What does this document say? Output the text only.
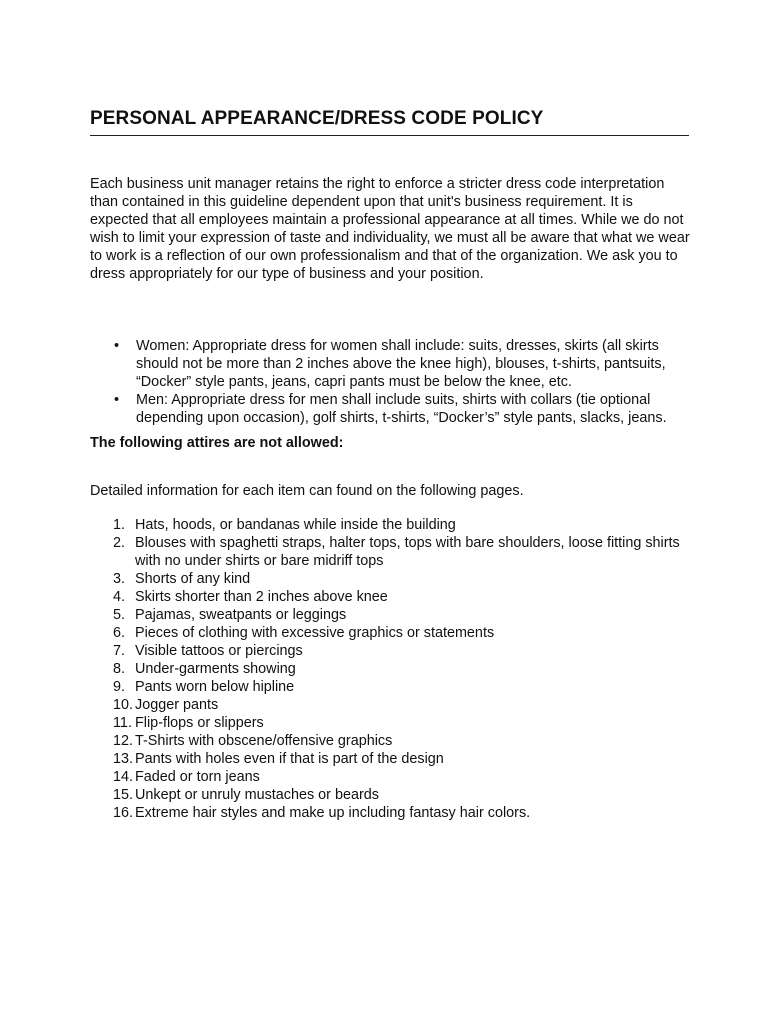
PERSONAL APPEARANCE/DRESS CODE POLICY

Each business unit manager retains the right to enforce a stricter dress code interpretation than contained in this guideline dependent upon that unit's business requirement. It is expected that all employees maintain a professional appearance at all times. While we do not wish to limit your expression of taste and individuality, we must all be aware that what we wear to work is a reflection of our own professionalism and that of the organization. We ask you to dress appropriately for our type of business and your position.

•	Women: Appropriate dress for women shall include: suits, dresses, skirts (all skirts should not be more than 2 inches above the knee high), blouses, t-shirts, pantsuits, “Docker” style pants, jeans, capri pants must be below the knee, etc.
•	Men: Appropriate dress for men shall include suits, shirts with collars (tie optional depending upon occasion), golf shirts, t-shirts, “Docker’s” style pants, slacks, jeans.

The following attires are not allowed:

Detailed information for each item can found on the following pages.

1. Hats, hoods, or bandanas while inside the building
2. Blouses with spaghetti straps, halter tops, tops with bare shoulders, loose fitting shirts with no under shirts or bare midriff tops
3. Shorts of any kind
4. Skirts shorter than 2 inches above knee
5. Pajamas, sweatpants or leggings
6. Pieces of clothing with excessive graphics or statements
7. Visible tattoos or piercings
8. Under-garments showing
9. Pants worn below hipline
10. Jogger pants
11. Flip-flops or slippers
12. T-Shirts with obscene/offensive graphics
13. Pants with holes even if that is part of the design
14. Faded or torn jeans
15. Unkept or unruly mustaches or beards
16. Extreme hair styles and make up including fantasy hair colors.
